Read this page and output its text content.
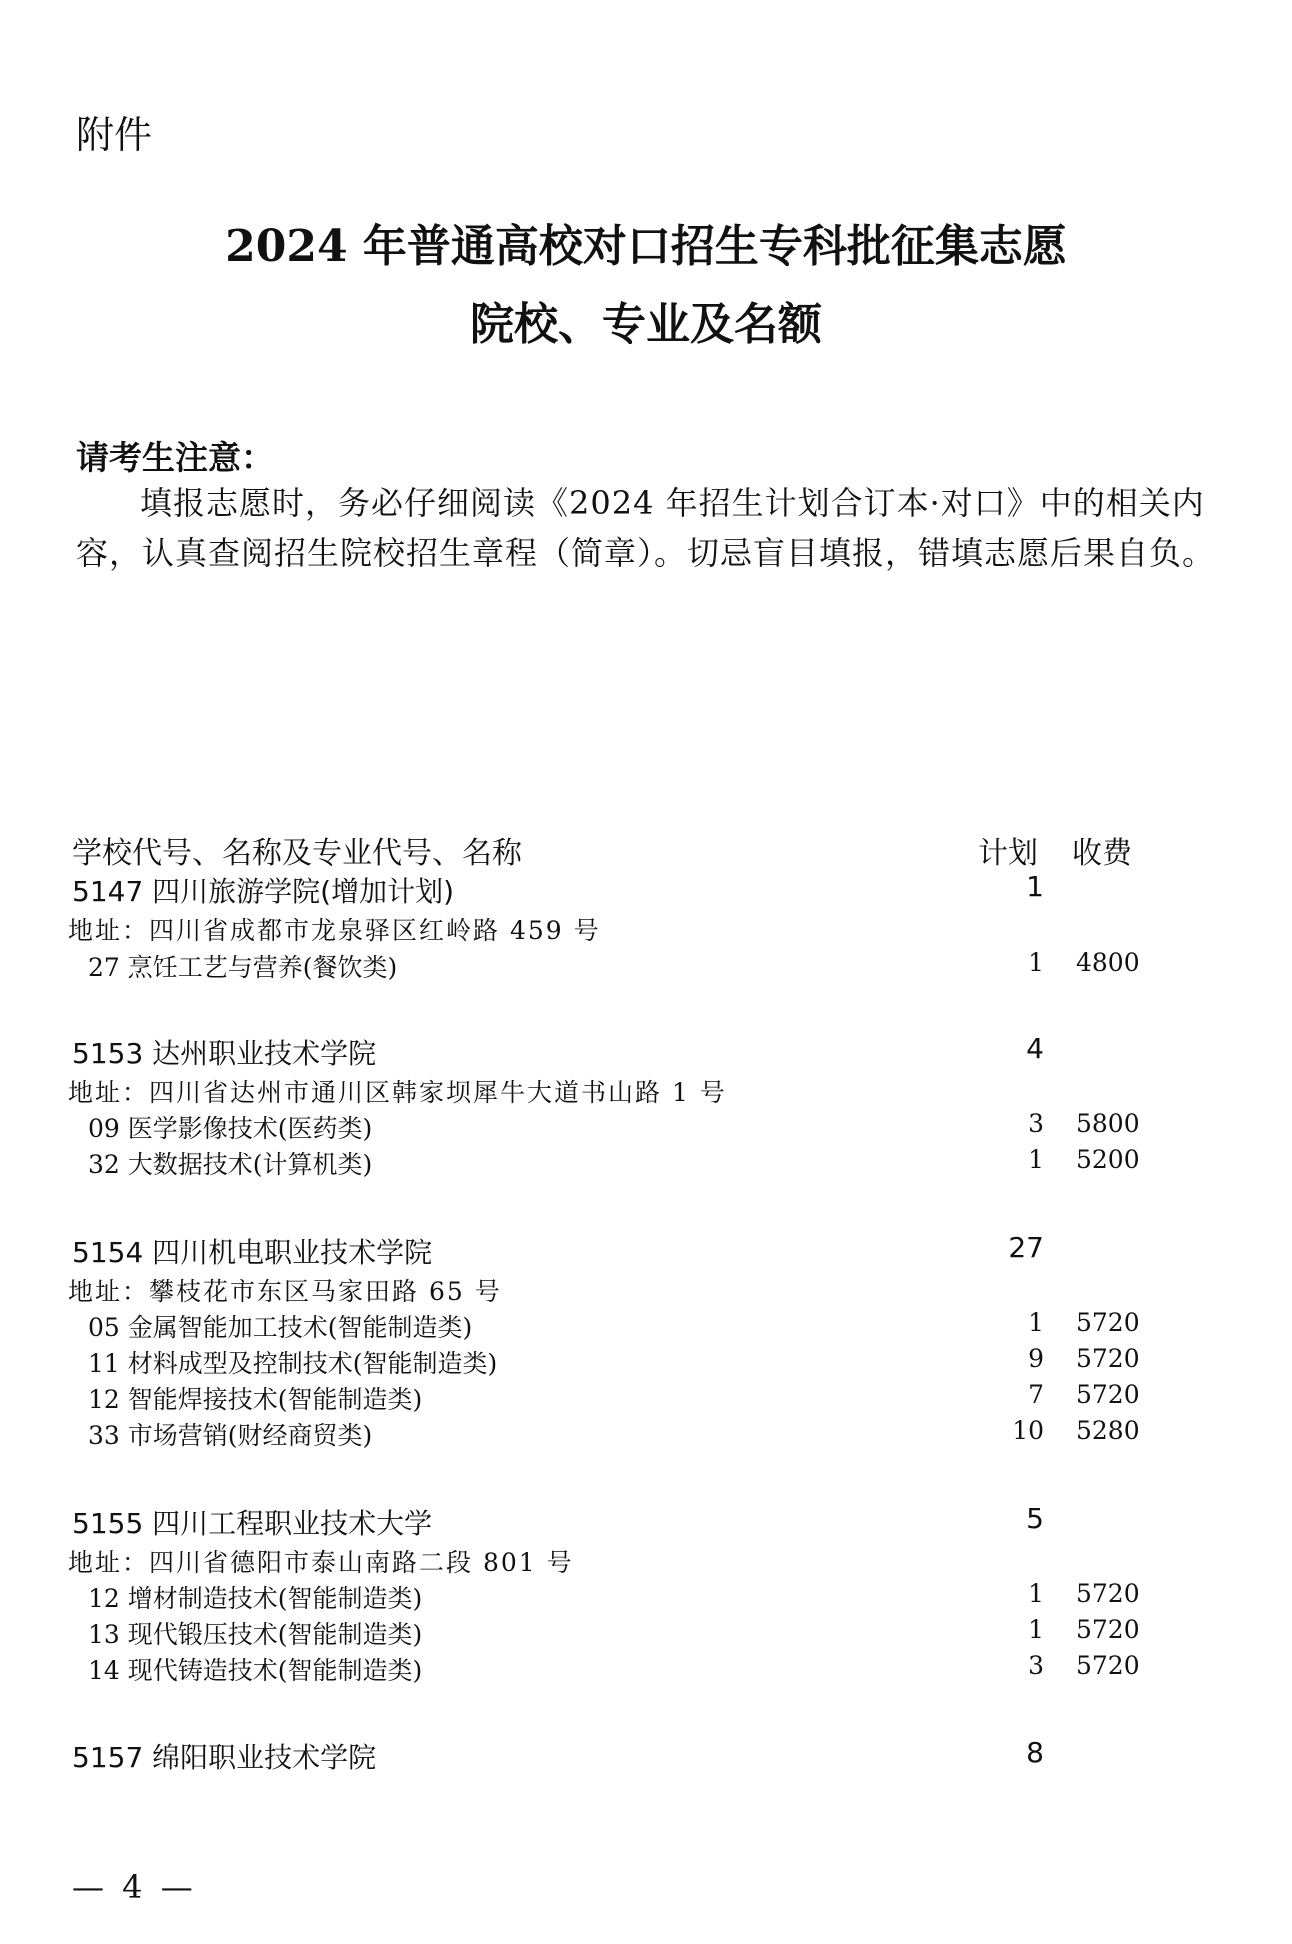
附件
2024 年普通高校对口招生专科批征集志愿
院校、专业及名额
请考生注意：
填报志愿时，务必仔细阅读《2024 年招生计划合订本·对口》中的相关内容，认真查阅招生院校招生章程（简章）。切忌盲目填报，错填志愿后果自负。
学校代号、名称及专业代号、名称	计划 收费
5147 四川旅游学院(增加计划)	1
地址：四川省成都市龙泉驿区红岭路 459 号
27 烹饪工艺与营养(餐饮类)	1 4800
5153 达州职业技术学院	4
地址：四川省达州市通川区韩家坝犀牛大道书山路 1 号
09 医学影像技术(医药类)	3 5800
32 大数据技术(计算机类)	1 5200
5154 四川机电职业技术学院	27
地址：攀枝花市东区马家田路 65 号
05 金属智能加工技术(智能制造类)	1 5720
11 材料成型及控制技术(智能制造类)	9 5720
12 智能焊接技术(智能制造类)	7 5720
33 市场营销(财经商贸类)	10 5280
5155 四川工程职业技术大学	5
地址：四川省德阳市泰山南路二段 801 号
12 增材制造技术(智能制造类)	1 5720
13 现代锻压技术(智能制造类)	1 5720
14 现代铸造技术(智能制造类)	3 5720
5157 绵阳职业技术学院	8
— 4 —
